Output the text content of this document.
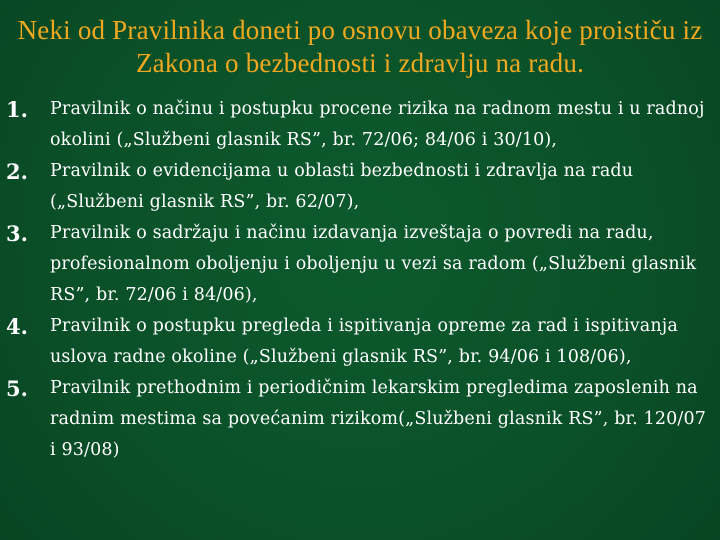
Neki od Pravilnika doneti po osnovu obaveza koje proističu iz Zakona o bezbednosti i zdravlju na radu.
1.	Pravilnik o načinu i postupku procene rizika na radnom mestu i u radnoj okolini („Službeni glasnik RS”, br. 72/06; 84/06 i 30/10),
2.	Pravilnik o evidencijama u oblasti bezbednosti i zdravlja na radu („Službeni glasnik RS”, br. 62/07),
3.	Pravilnik o sadržaju i načinu izdavanja izveštaja o povredi na radu, profesionalnom oboljenju i oboljenju u vezi sa radom („Službeni glasnik RS”, br. 72/06 i 84/06),
4.	Pravilnik o postupku pregleda i ispitivanja opreme za rad i ispitivanja uslova radne okoline („Službeni glasnik RS”, br. 94/06 i 108/06),
5.	Pravilnik prethodnim i periodičnim lekarskim pregledima zaposlenih na radnim mestima sa povećanim rizikom(„Službeni glasnik RS”, br. 120/07 i 93/08)
